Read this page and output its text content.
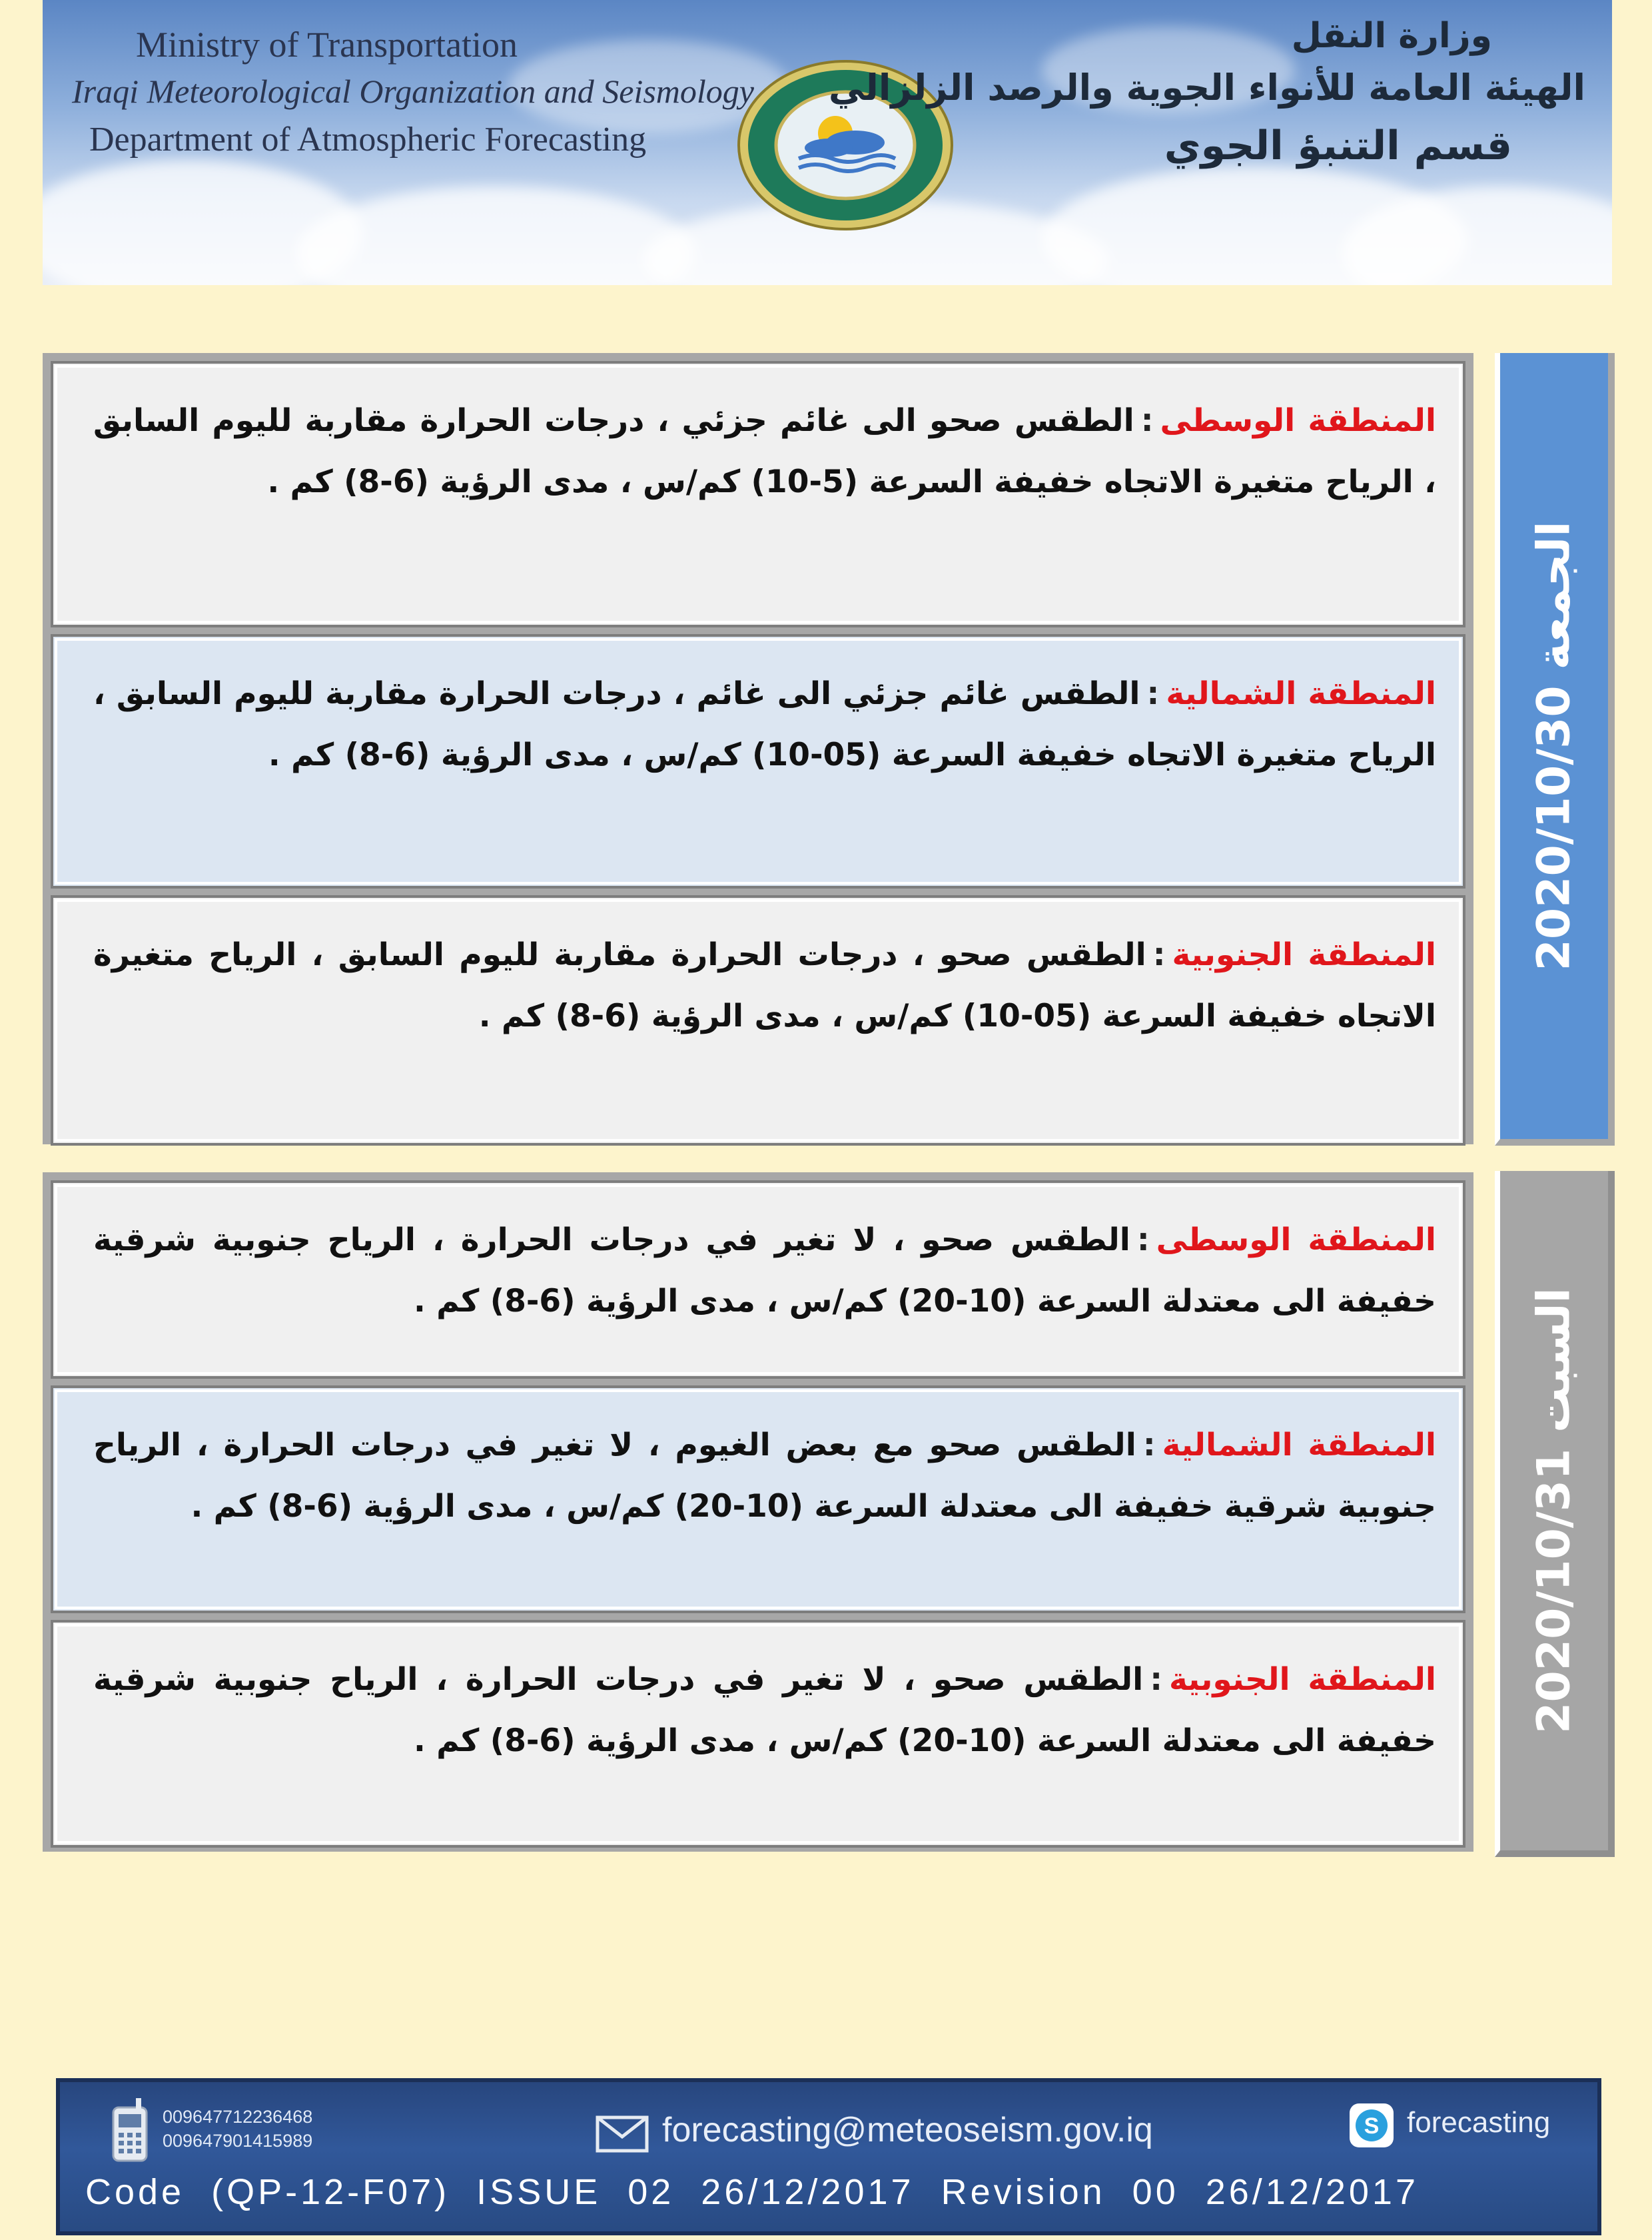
Ministry of Transportation
Iraqi Meteorological Organization and Seismology
Department of Atmospheric Forecasting
وزارة النقل
الهيئة العامة للأنواء الجوية والرصد الزلزالي
قسم التنبؤ الجوي
المنطقة الوسطى:الطقس صحو الى غائم جزئي ، درجات الحرارة مقاربة لليوم السابق ، الرياح متغيرة الاتجاه خفيفة السرعة (5-10) كم/س ، مدى الرؤية (6-8) كم .
المنطقة الشمالية:الطقس غائم جزئي الى غائم ، درجات الحرارة مقاربة لليوم السابق ، الرياح متغيرة الاتجاه خفيفة السرعة (05-10) كم/س ، مدى الرؤية (6-8) كم .
المنطقة الجنوبية:الطقس صحو ، درجات الحرارة مقاربة لليوم السابق ، الرياح متغيرة الاتجاه خفيفة السرعة (05-10) كم/س ، مدى الرؤية (6-8) كم .
الجمعة 2020/10/30
المنطقة الوسطى:الطقس صحو ، لا تغير في درجات الحرارة ، الرياح جنوبية شرقية خفيفة الى معتدلة السرعة (10-20) كم/س ، مدى الرؤية (6-8) كم .
المنطقة الشمالية:الطقس صحو مع بعض الغيوم ، لا تغير في درجات الحرارة ، الرياح جنوبية شرقية خفيفة الى معتدلة السرعة (10-20) كم/س ، مدى الرؤية (6-8) كم .
المنطقة الجنوبية:الطقس صحو ، لا تغير في درجات الحرارة ، الرياح جنوبية شرقية خفيفة الى معتدلة السرعة (10-20) كم/س ، مدى الرؤية (6-8) كم .
السبت 2020/10/31
009647712236468
009647901415989	forecasting@meteoseism.gov.iq	S forecasting
Code  (QP-12-F07)  ISSUE  02  26/12/2017  Revision  00  26/12/2017
